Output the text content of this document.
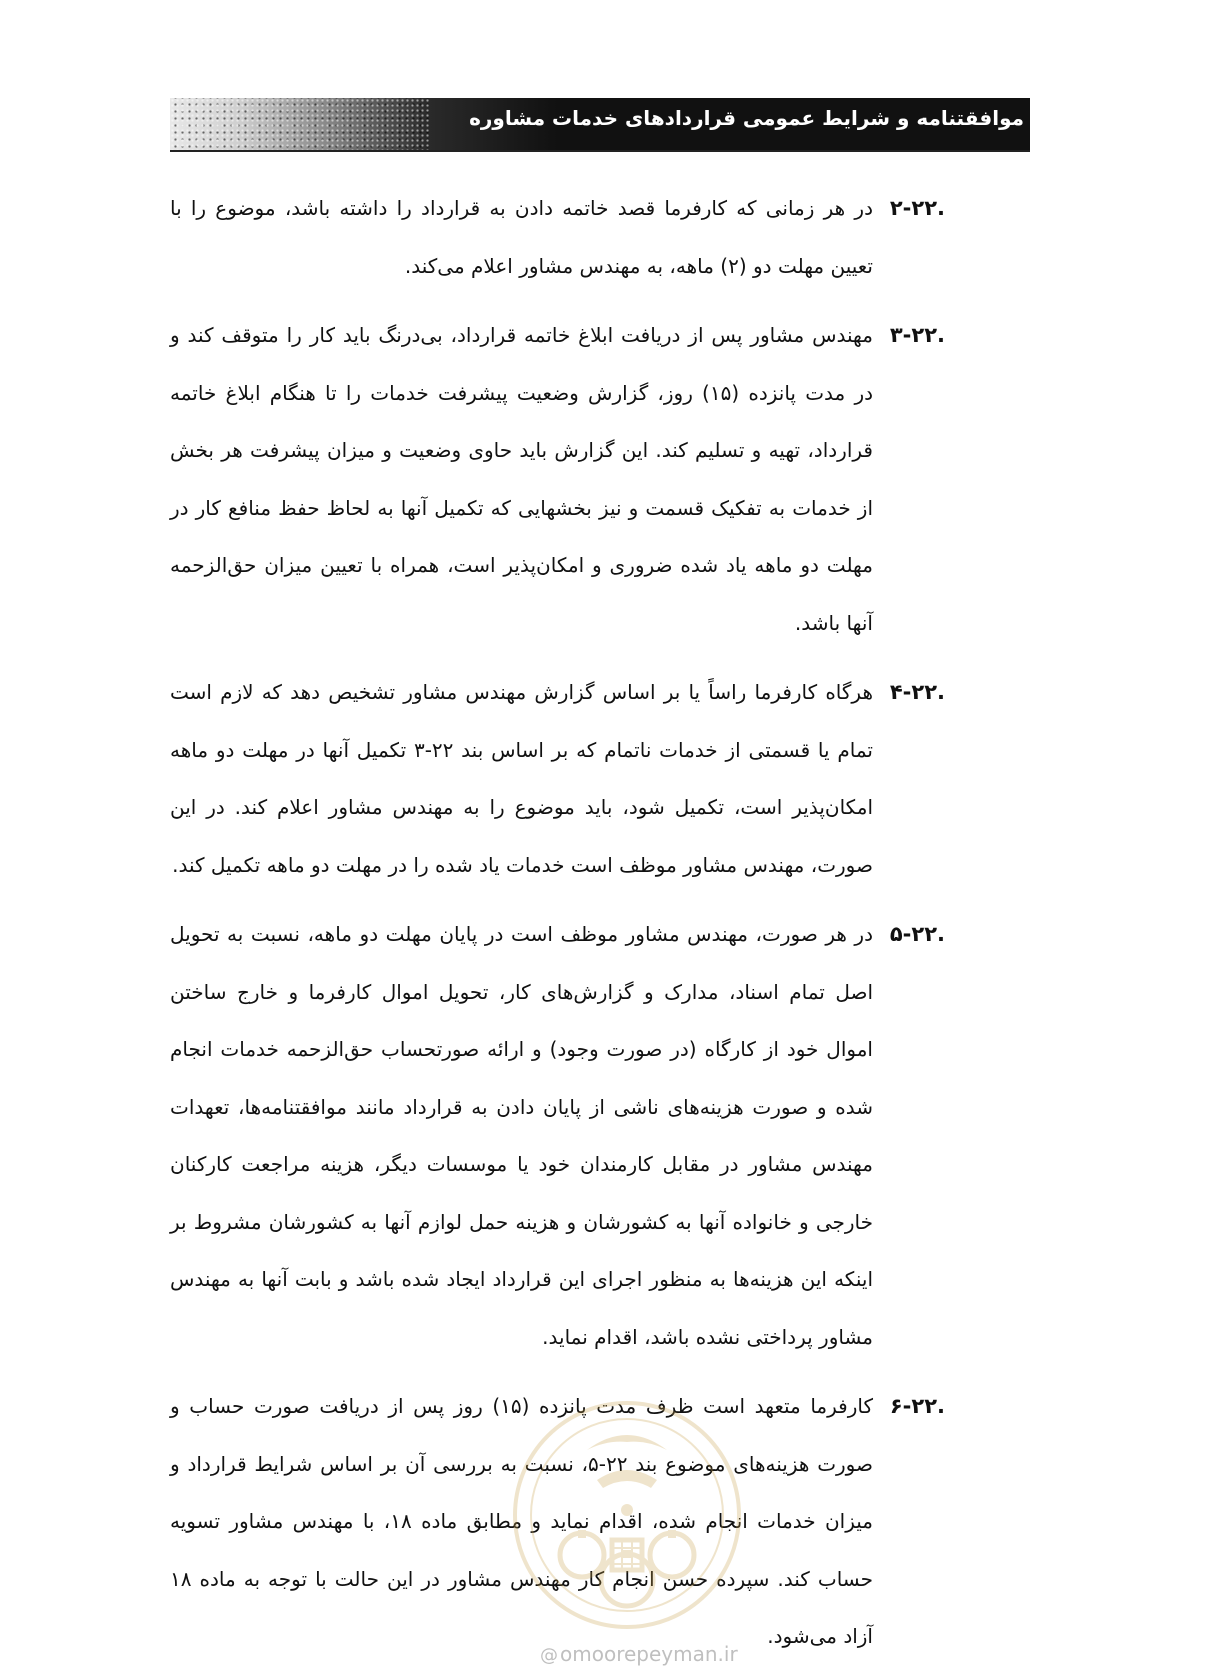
موافقتنامه و شرایط عمومی قراردادهای خدمات مشاوره
۲-۲۲.
در هر زمانی که کارفرما قصد خاتمه دادن به قرارداد را داشته باشد، موضوع را با تعیین مهلت دو (۲) ماهه، به مهندس مشاور اعلام می‌کند.
۳-۲۲.
مهندس مشاور پس از دریافت ابلاغ خاتمه قرارداد، بی‌درنگ باید کار را متوقف کند و در مدت پانزده (۱۵) روز، گزارش وضعیت پیشرفت خدمات را تا هنگام ابلاغ خاتمه قرارداد، تهیه و تسلیم کند. این گزارش باید حاوی وضعیت و میزان پیشرفت هر بخش از خدمات به تفکیک قسمت و نیز بخشهایی که تکمیل آنها به لحاظ حفظ منافع کار در مهلت دو ماهه یاد شده ضروری و امکان‌پذیر است، همراه با تعیین میزان حق‌الزحمه آنها باشد.
۴-۲۲.
هرگاه کارفرما راساً یا بر اساس گزارش مهندس مشاور تشخیص دهد که لازم است تمام یا قسمتی از خدمات ناتمام که بر اساس بند ۲۲-۳ تکمیل آنها در مهلت دو ماهه امکان‌پذیر است، تکمیل شود، باید موضوع را به مهندس مشاور اعلام کند. در این صورت، مهندس مشاور موظف است خدمات یاد شده را در مهلت دو ماهه تکمیل کند.
۵-۲۲.
در هر صورت، مهندس مشاور موظف است در پایان مهلت دو ماهه، نسبت به تحویل اصل تمام اسناد، مدارک و گزارش‌های کار، تحویل اموال کارفرما و خارج ساختن اموال خود از کارگاه (در صورت وجود) و ارائه صورتحساب حق‌الزحمه خدمات انجام شده و صورت هزینه‌های ناشی از پایان دادن به قرارداد مانند موافقتنامه‌ها، تعهدات مهندس مشاور در مقابل کارمندان خود یا موسسات دیگر، هزینه مراجعت کارکنان خارجی و خانواده آنها به کشورشان و هزینه حمل لوازم آنها به کشورشان مشروط بر اینکه این هزینه‌ها به منظور اجرای این قرارداد ایجاد شده باشد و بابت آنها به مهندس مشاور پرداختی نشده باشد، اقدام نماید.
۶-۲۲.
کارفرما متعهد است ظرف مدت پانزده (۱۵) روز پس از دریافت صورت حساب و صورت هزینه‌های موضوع بند ۲۲-۵، نسبت به بررسی آن بر اساس شرایط قرارداد و میزان خدمات انجام شده، اقدام نماید و مطابق ماده ۱۸، با مهندس مشاور تسویه حساب کند. سپرده حسن انجام کار مهندس مشاور در این حالت با توجه به ماده ۱۸ آزاد می‌شود.
@ omoorepeyman.ir
